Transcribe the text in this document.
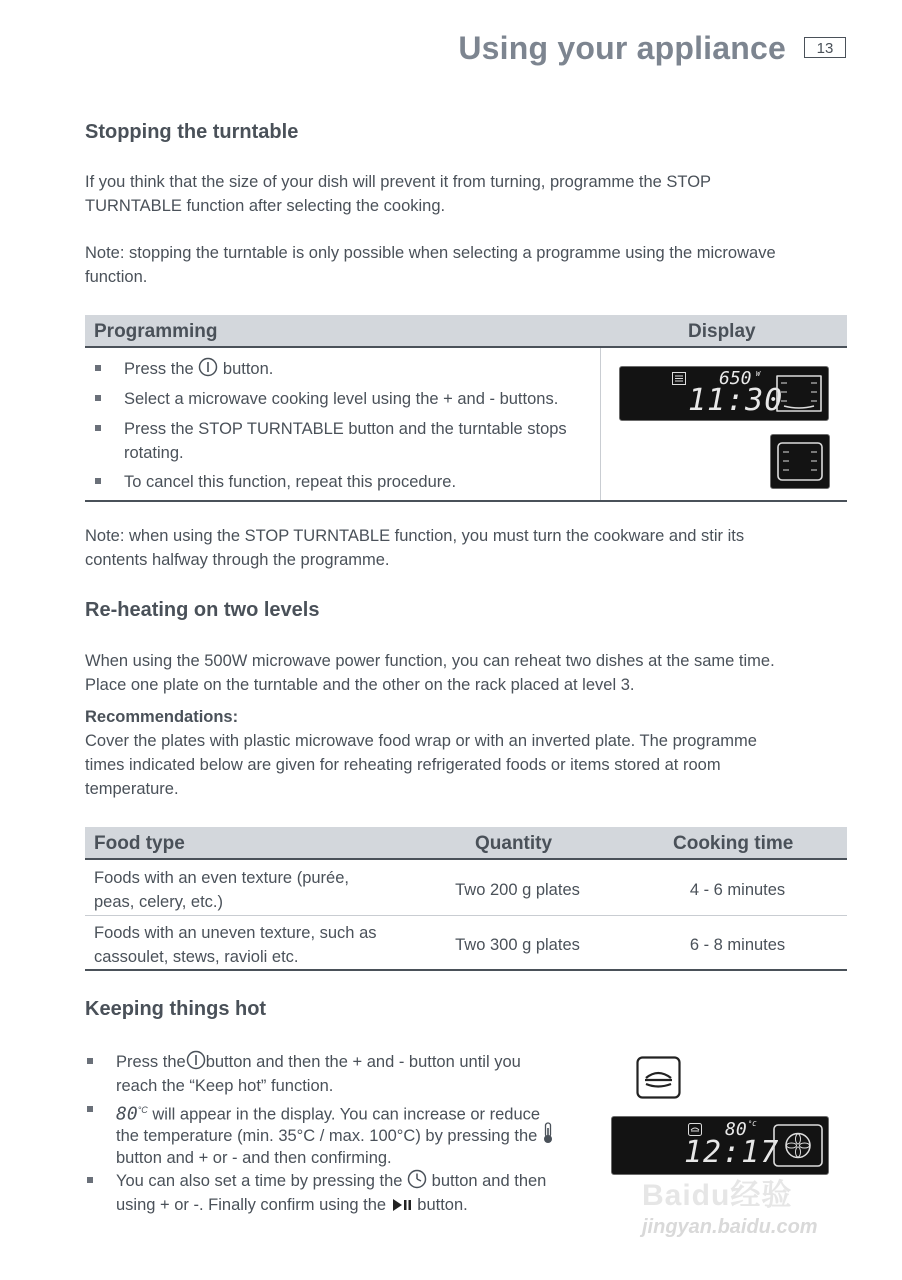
Using your appliance	13
Stopping the turntable

If you think that the size of your dish will prevent it from turning, programme the STOP

TURNTABLE function after selecting the cooking.

Note: stopping the turntable is only possible when selecting a programme using the microwave

function.

Programming	Display
Press the button.
Select a microwave cooking level using the + and - buttons.
Press the STOP TURNTABLE button and the turntable stops
rotating.
To cancel this function, repeat this procedure.
650 W
11:30

Note: when using the STOP TURNTABLE function, you must turn the cookware and stir its

contents halfway through the programme.

Re-heating on two levels

When using the 500W microwave power function, you can reheat two dishes at the same time.

Place one plate on the turntable and the other on the rack placed at level 3.

Recommendations:

Cover the plates with plastic microwave food wrap or with an inverted plate. The programme

times indicated below are given for reheating refrigerated foods or items stored at room

temperature.

Food type	Quantity	Cooking time
Foods with an even texture (purée,
peas, celery, etc.)
Two 200 g plates	4 - 6 minutes
Foods with an uneven texture, such as
cassoulet, stews, ravioli etc.
Two 300 g plates	6 - 8 minutes
Keeping things hot
Press the button and then the + and - button until you
reach the “Keep hot” function.
$80^{^\circ C}$ will appear in the display. You can increase or reduce
the temperature (min. 35°C / max. 100°C) by pressing the
button and + or - and then confirming.
You can also set a time by pressing the button and then
using + or -. Finally confirm using the button.
80 °C
12:17
Baidu经验
jingyan.baidu.com
